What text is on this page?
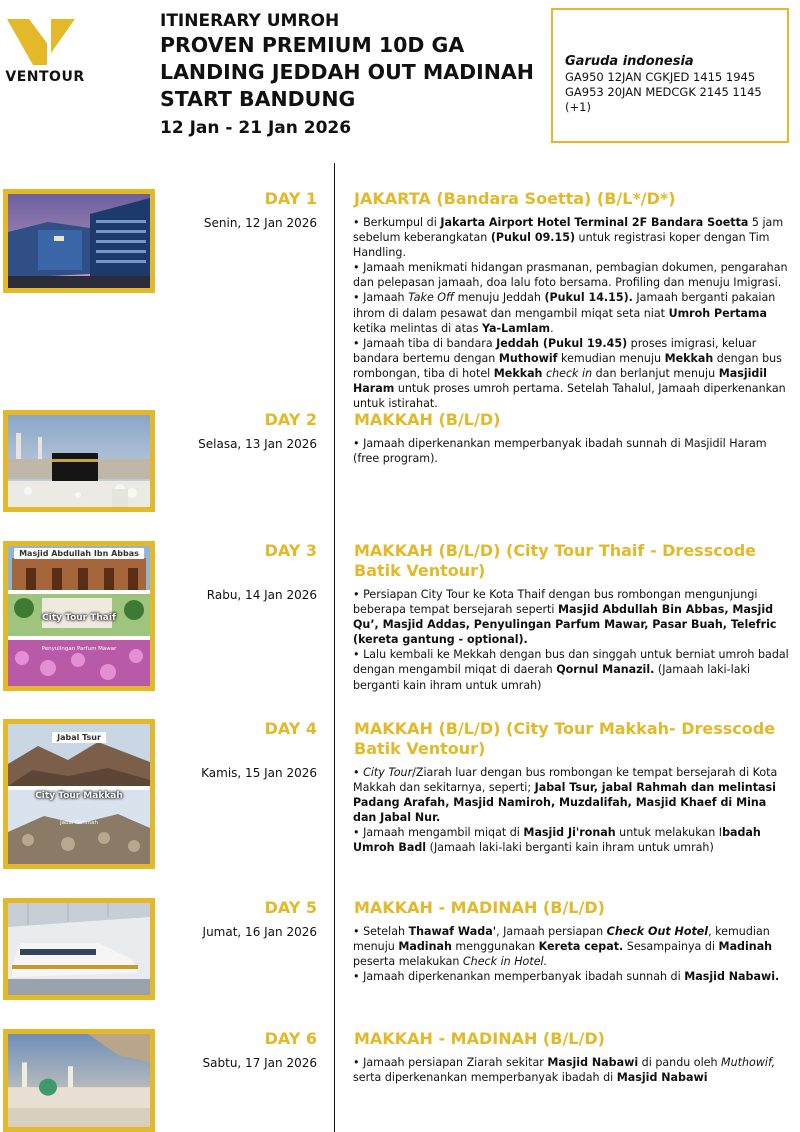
VENTOUR
ITINERARY UMROH
PROVEN PREMIUM 10D GA
LANDING JEDDAH OUT MADINAH
START BANDUNG
12 Jan - 21 Jan 2026
Garuda indonesia
GA950 12JAN CGKJED 1415 1945
GA953 20JAN MEDCGK 2145 1145 (+1)
DAY 1
Senin, 12 Jan 2026
JAKARTA (Bandara Soetta) (B/L*/D*)

• Berkumpul di Jakarta Airport Hotel Terminal 2F Bandara Soetta 5 jam sebelum keberangkatan (Pukul 09.15) untuk registrasi koper dengan Tim Handling.

• Jamaah menikmati hidangan prasmanan, pembagian dokumen, pengarahan dan pelepasan jamaah, doa lalu foto bersama. Profiling dan menuju Imigrasi.

• Jamaah Take Off menuju Jeddah (Pukul 14.15). Jamaah berganti pakaian ihrom di dalam pesawat dan mengambil miqat seta niat Umroh Pertama ketika melintas di atas Ya-Lamlam.

• Jamaah tiba di bandara Jeddah (Pukul 19.45) proses imigrasi, keluar bandara bertemu dengan Muthowif kemudian menuju Mekkah dengan bus rombongan, tiba di hotel Mekkah check in dan berlanjut menuju Masjidil Haram untuk proses umroh pertama. Setelah Tahalul, Jamaah diperkenankan untuk istirahat.

DAY 2
Selasa, 13 Jan 2026
MAKKAH (B/L/D)

• Jamaah diperkenankan memperbanyak ibadah sunnah di Masjidil Haram (free program).

Masjid Abdullah Ibn Abbas
City Tour Thaif
Penyulingan Parfum Mawar
DAY 3
Rabu, 14 Jan 2026
MAKKAH (B/L/D) (City Tour Thaif - Dresscode Batik Ventour)

• Persiapan City Tour ke Kota Thaif dengan bus rombongan mengunjungi beberapa tempat bersejarah seperti Masjid Abdullah Bin Abbas, Masjid Qu’, Masjid Addas, Penyulingan Parfum Mawar, Pasar Buah, Telefric (kereta gantung - optional).

• Lalu kembali ke Mekkah dengan bus dan singgah untuk berniat umroh badal dengan mengambil miqat di daerah Qornul Manazil. (Jamaah laki-laki berganti kain ihram untuk umrah)

Jabal Tsur
City Tour Makkah
Jabal Rahmah
DAY 4
Kamis, 15 Jan 2026
MAKKAH (B/L/D) (City Tour Makkah- Dresscode Batik Ventour)

• City Tour/Ziarah luar dengan bus rombongan ke tempat bersejarah di Kota Makkah dan sekitarnya, seperti; Jabal Tsur, jabal Rahmah dan melintasi Padang Arafah, Masjid Namiroh, Muzdalifah, Masjid Khaef di Mina dan Jabal Nur.

• Jamaah mengambil miqat di Masjid Ji'ronah untuk melakukan Ibadah Umroh Badl (Jamaah laki-laki berganti kain ihram untuk umrah)

DAY 5
Jumat, 16 Jan 2026
MAKKAH - MADINAH (B/L/D)

• Setelah Thawaf Wada', Jamaah persiapan Check Out Hotel, kemudian menuju Madinah menggunakan Kereta cepat. Sesampainya di Madinah peserta melakukan Check in Hotel.

• Jamaah diperkenankan memperbanyak ibadah sunnah di Masjid Nabawi.

DAY 6
Sabtu, 17 Jan 2026
MAKKAH - MADINAH (B/L/D)

• Jamaah persiapan Ziarah sekitar Masjid Nabawi di pandu oleh Muthowif, serta diperkenankan memperbanyak ibadah di Masjid Nabawi
